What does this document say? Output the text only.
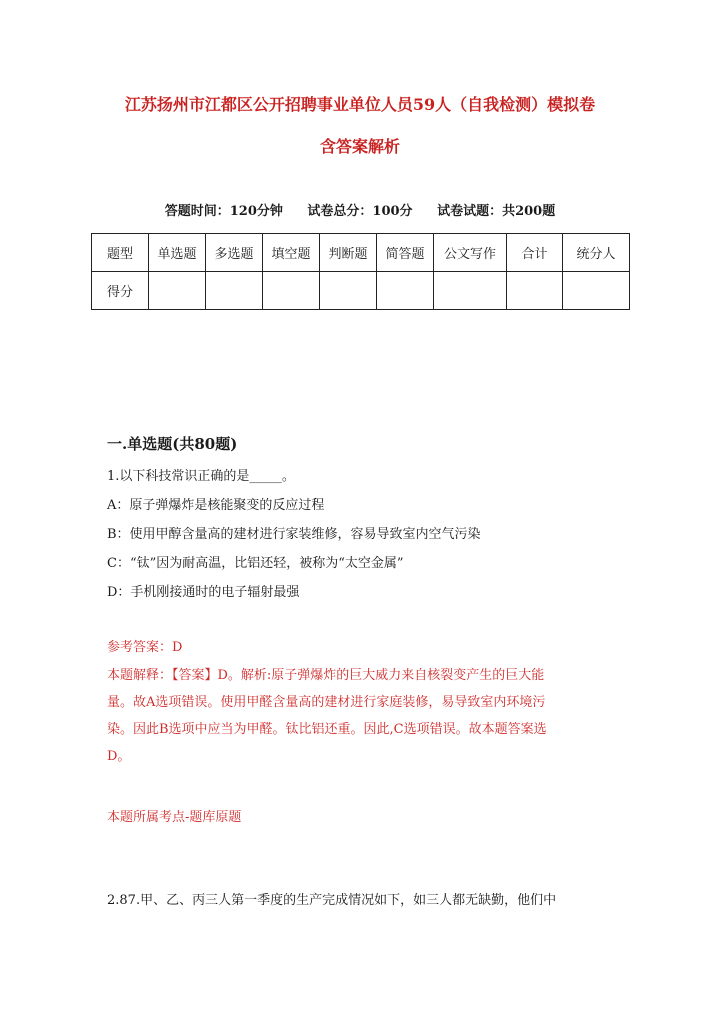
江苏扬州市江都区公开招聘事业单位人员59人（自我检测）模拟卷
含答案解析
答题时间：120分钟 试卷总分：100分 试卷试题：共200题
题型	单选题	多选题	填空题	判断题	简答题	公文写作	合计	统分人
得分								
一.单选题(共80题)
1.以下科技常识正确的是_____。
A：原子弹爆炸是核能聚变的反应过程
B：使用甲醇含量高的建材进行家装维修，容易导致室内空气污染
C：“钛”因为耐高温，比铝还轻，被称为“太空金属”
D：手机刚接通时的电子辐射最强
参考答案：D
本题解释：【答案】D。解析:原子弹爆炸的巨大威力来自核裂变产生的巨大能
量。故A选项错误。使用甲醛含量高的建材进行家庭装修，易导致室内环境污
染。因此B选项中应当为甲醛。钛比铝还重。因此,C选项错误。故本题答案选
D。
本题所属考点-题库原题
2.87.甲、乙、丙三人第一季度的生产完成情况如下，如三人都无缺勤，他们中
